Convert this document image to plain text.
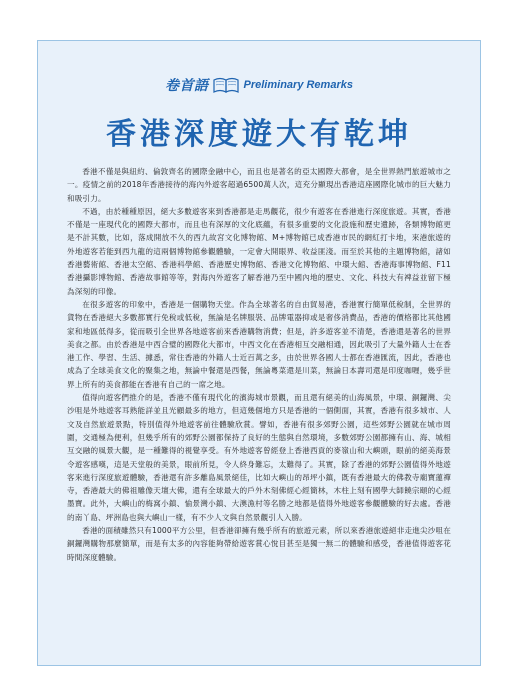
卷首語	Preliminary Remarks
香港深度遊大有乾坤

香港不僅是與紐約、倫敦齊名的國際金融中心，而且也是著名的亞太國際大都會，是全世界熱門旅遊城市之一。疫情之前的2018年香港接待的海內外遊客超過6500萬人次，這充分顯現出香港這座國際化城市的巨大魅力和吸引力。

不過，由於種種原因，絕大多數遊客來到香港都是走馬觀花，很少有遊客在香港進行深度旅遊。其實，香港不僅是一座現代化的國際大都市，而且也有深厚的文化底蘊，有很多重要的文化設施和歷史遺跡，各類博物館更是不計其數，比如，落成開放不久的西九故宮文化博物館、M+博物館已成香港市民的網紅打卡地，來港旅遊的外地遊客若能到西九龍的這兩個博物館參觀體驗，一定會大開眼界、收益匪淺。而至於其他的主題博物館，諸如香港藝術館、香港太空館、香港科學館、香港歷史博物館、香港文化博物館、中環大館、香港海事博物館、F11香港攝影博物館、香港故事館等等，對海內外遊客了解香港乃至中國內地的歷史、文化、科技大有裨益並留下極為深刻的印像。

在很多遊客的印象中，香港是一個購物天堂。作為全球著名的自由貿易港，香港實行簡單低稅制，全世界的貨物在香港絕大多數都實行免稅或低稅，無論是名牌服裝、品牌電器抑或是奢侈消費品，香港的價格都比其他國家和地區低得多，從而吸引全世界各地遊客前來香港購物消費；但是，許多遊客並不清楚，香港還是著名的世界美食之都。由於香港是中西合璧的國際化大都市，中西文化在香港相互交融相通，因此吸引了大量外籍人士在香港工作、學習、生活、據悉，常住香港的外籍人士近百萬之多，由於世界各國人士都在香港匯流，因此，香港也成為了全球美食文化的聚集之地，無論中餐還是西餐，無論粵菜還是川菜，無論日本壽司還是印度咖喱，幾乎世界上所有的美食都能在香港有自己的一席之地。

值得向遊客們推介的是，香港不僅有現代化的濱海城市景觀，而且還有絕美的山海風景，中環、銅鑼灣、尖沙咀是外地遊客耳熟能詳並且光顧最多的地方，但這幾個地方只是香港的一個側面，其實，香港有很多城市、人文及自然旅遊景點，特別值得外地遊客前往體驗欣賞。譬如，香港有很多郊野公園，這些郊野公園就在城市周圍，交通極為便利，但幾乎所有的郊野公園都保持了良好的生態與自然環境，多數郊野公園都擁有山、海、城相互交融的風景大觀，是一種難得的視覺享受。有外地遊客曾經登上香港西貢的麥嶺山和大嶼頭，眼前的絕美海景令遊客感嘆，這是天堂般的美景，眼前所見，令人終身難忘，太難得了。其實，除了香港的郊野公園值得外地遊客來進行深度旅遊體驗，香港還有許多離島風景絕佳，比如大嶼山的昂坪小鎮，既有香港最大的佛教寺廟寶蓮禪寺，香港最大的佛祖雕像天壇大佛，還有全球最大的戶外木刻佛經心經簡林，木柱上刻有國學大師饒宗頤的心經墨寶。此外，大嶼山的梅窩小鎮、愉景灣小鎮、大澳漁村等名勝之地都是值得外地遊客參觀體驗的好去處。香港的南丫島、坪洲島也與大嶼山一樣，有不少人文與自然景觀引人入勝。

香港的面積雖然只有1000平方公里，但香港卻擁有幾乎所有的旅遊元素，所以來香港旅遊絕非走進尖沙咀在銅鑼灣購物那麼簡單，而是有太多的內容能夠帶給遊客賞心悅目甚至是獨一無二的體驗和感受，香港值得遊客花時間深度體驗。
